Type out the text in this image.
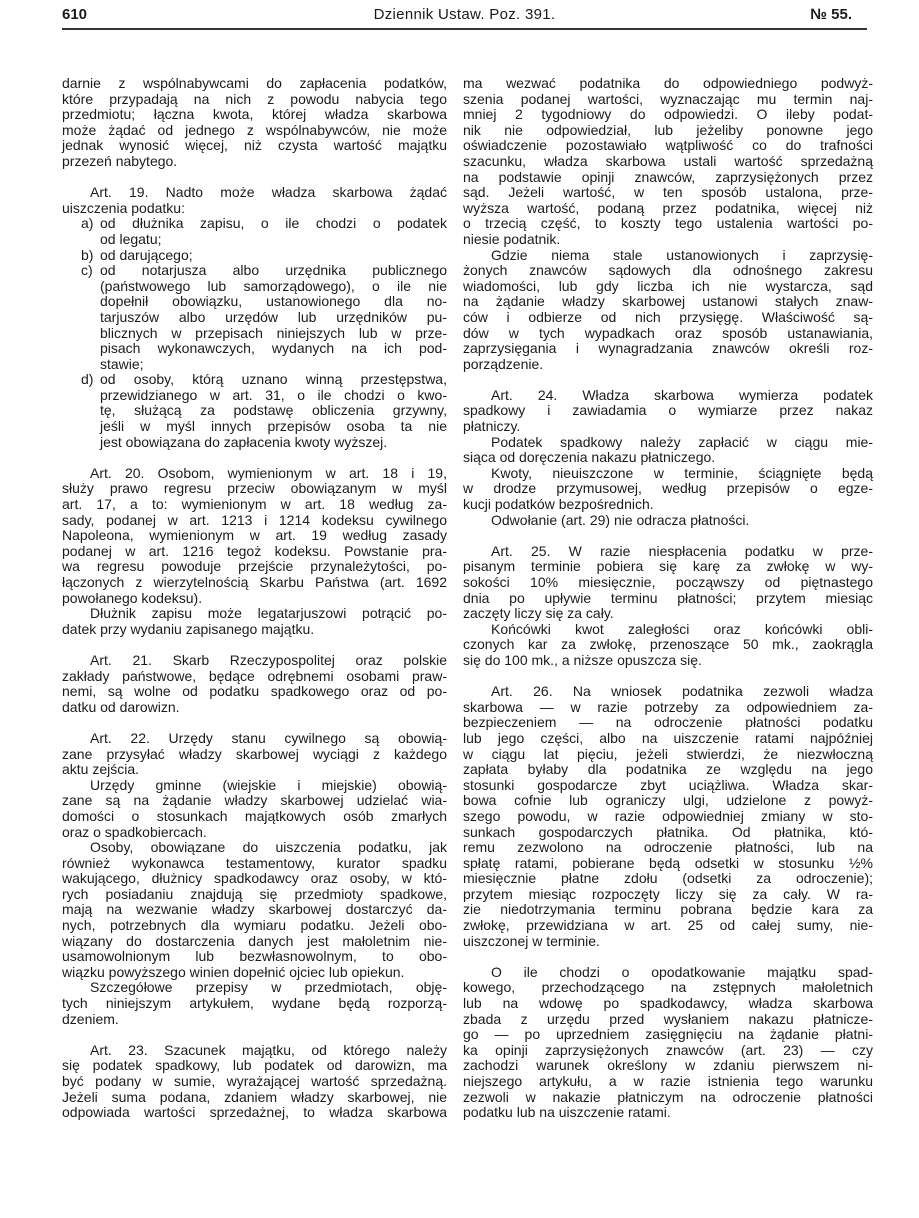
610	Dziennik Ustaw. Poz. 391.	№ 55.
darnie z wspólnabywcami do zapłacenia podatków,
które przypadają na nich z powodu nabycia tego
przedmiotu; łączna kwota, której władza skarbowa
może żądać od jednego z wspólnabywców, nie może
jednak wynosić więcej, niż czysta wartość majątku
przezeń nabytego.
Art. 19. Nadto może władza skarbowa żądać
uiszczenia podatku:
a) od dłużnika zapisu, o ile chodzi o podatek
od legatu;
b) od darującego;
c) od notarjusza albo urzędnika publicznego
(państwowego lub samorządowego), o ile nie
dopełnił obowiązku, ustanowionego dla no-
tarjuszów albo urzędów lub urzędników pu-
blicznych w przepisach niniejszych lub w prze-
pisach wykonawczych, wydanych na ich pod-
stawie;
d) od osoby, którą uznano winną przestępstwa,
przewidzianego w art. 31, o ile chodzi o kwo-
tę, służącą za podstawę obliczenia grzywny,
jeśli w myśl innych przepisów osoba ta nie
jest obowiązana do zapłacenia kwoty wyższej.
Art. 20. Osobom, wymienionym w art. 18 i 19,
służy prawo regresu przeciw obowiązanym w myśl
art. 17, a to: wymienionym w art. 18 według za-
sady, podanej w art. 1213 i 1214 kodeksu cywilnego
Napoleona, wymienionym w art. 19 według zasady
podanej w art. 1216 tegoż kodeksu. Powstanie pra-
wa regresu powoduje przejście przynależytości, po-
łączonych z wierzytelnością Skarbu Państwa (art. 1692
powołanego kodeksu).
Dłużnik zapisu może legatarjuszowi potrącić po-
datek przy wydaniu zapisanego majątku.
Art. 21. Skarb Rzeczypospolitej oraz polskie
zakłady państwowe, będące odrębnemi osobami praw-
nemi, są wolne od podatku spadkowego oraz od po-
datku od darowizn.
Art. 22. Urzędy stanu cywilnego są obowią-
zane przysyłać władzy skarbowej wyciągi z każdego
aktu zejścia.
Urzędy gminne (wiejskie i miejskie) obowią-
zane są na żądanie władzy skarbowej udzielać wia-
domości o stosunkach majątkowych osób zmarłych
oraz o spadkobiercach.
Osoby, obowiązane do uiszczenia podatku, jak
również wykonawca testamentowy, kurator spadku
wakującego, dłużnicy spadkodawcy oraz osoby, w któ-
rych posiadaniu znajdują się przedmioty spadkowe,
mają na wezwanie władzy skarbowej dostarczyć da-
nych, potrzebnych dla wymiaru podatku. Jeżeli obo-
wiązany do dostarczenia danych jest małoletnim nie-
usamowolnionym lub bezwłasnowolnym, to obo-
wiązku powyższego winien dopełnić ojciec lub opiekun.
Szczegółowe przepisy w przedmiotach, obję-
tych niniejszym artykułem, wydane będą rozporzą-
dzeniem.
Art. 23. Szacunek majątku, od którego należy
się podatek spadkowy, lub podatek od darowizn, ma
być podany w sumie, wyrażającej wartość sprzedażną.
Jeżeli suma podana, zdaniem władzy skarbowej, nie
odpowiada wartości sprzedażnej, to władza skarbowa
ma wezwać podatnika do odpowiedniego podwyż-
szenia podanej wartości, wyznaczając mu termin naj-
mniej 2 tygodniowy do odpowiedzi. O ileby podat-
nik nie odpowiedział, lub jeżeliby ponowne jego
oświadczenie pozostawiało wątpliwość co do trafności
szacunku, władza skarbowa ustali wartość sprzedażną
na podstawie opinji znawców, zaprzysiężonych przez
sąd. Jeżeli wartość, w ten sposób ustalona, prze-
wyższa wartość, podaną przez podatnika, więcej niż
o trzecią część, to koszty tego ustalenia wartości po-
niesie podatnik.
Gdzie niema stale ustanowionych i zaprzysię-
żonych znawców sądowych dla odnośnego zakresu
wiadomości, lub gdy liczba ich nie wystarcza, sąd
na żądanie władzy skarbowej ustanowi stałych znaw-
ców i odbierze od nich przysięgę. Właściwość są-
dów w tych wypadkach oraz sposób ustanawiania,
zaprzysięgania i wynagradzania znawców określi roz-
porządzenie.
Art. 24. Władza skarbowa wymierza podatek
spadkowy i zawiadamia o wymiarze przez nakaz
płatniczy.
Podatek spadkowy należy zapłacić w ciągu mie-
siąca od doręczenia nakazu płatniczego.
Kwoty, nieuiszczone w terminie, ściągnięte będą
w drodze przymusowej, według przepisów o egze-
kucji podatków bezpośrednich.
Odwołanie (art. 29) nie odracza płatności.
Art. 25. W razie niespłacenia podatku w prze-
pisanym terminie pobiera się karę za zwłokę w wy-
sokości 10% miesięcznie, począwszy od piętnastego
dnia po upływie terminu płatności; przytem miesiąc
zaczęty liczy się za cały.
Końcówki kwot zaległości oraz końcówki obli-
czonych kar za zwłokę, przenoszące 50 mk., zaokrągla
się do 100 mk., a niższe opuszcza się.
Art. 26. Na wniosek podatnika zezwoli władza
skarbowa — w razie potrzeby za odpowiedniem za-
bezpieczeniem — na odroczenie płatności podatku
lub jego części, albo na uiszczenie ratami najpóźniej
w ciągu lat pięciu, jeżeli stwierdzi, że niezwłoczną
zapłata byłaby dla podatnika ze względu na jego
stosunki gospodarcze zbyt uciążliwa. Władza skar-
bowa cofnie lub ograniczy ulgi, udzielone z powyż-
szego powodu, w razie odpowiedniej zmiany w sto-
sunkach gospodarczych płatnika. Od płatnika, któ-
remu zezwolono na odroczenie płatności, lub na
spłatę ratami, pobierane będą odsetki w stosunku ½%
miesięcznie płatne zdołu (odsetki za odroczenie);
przytem miesiąc rozpoczęty liczy się za cały. W ra-
zie niedotrzymania terminu pobrana będzie kara za
zwłokę, przewidziana w art. 25 od całej sumy, nie-
uiszczonej w terminie.
O ile chodzi o opodatkowanie majątku spad-
kowego, przechodzącego na zstępnych małoletnich
lub na wdowę po spadkodawcy, władza skarbowa
zbada z urzędu przed wysłaniem nakazu płatnicze-
go — po uprzedniem zasięgnięciu na żądanie płatni-
ka opinji zaprzysiężonych znawców (art. 23) — czy
zachodzi warunek określony w zdaniu pierwszem ni-
niejszego artykułu, a w razie istnienia tego warunku
zezwoli w nakazie płatniczym na odroczenie płatności
podatku lub na uiszczenie ratami.
